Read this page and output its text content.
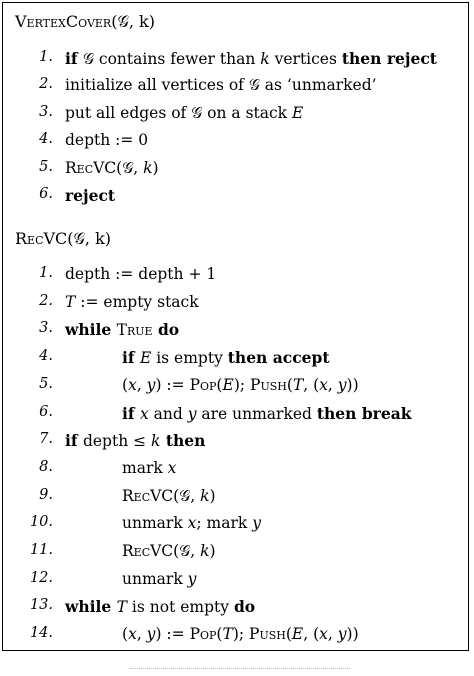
VertexCover(𝒢, k)
1. if 𝒢 contains fewer than k vertices then reject
2. initialize all vertices of 𝒢 as ‘unmarked’
3. put all edges of 𝒢 on a stack E
4. depth := 0
5. RecVC(𝒢, k)
6. reject
RecVC(𝒢, k)
1. depth := depth + 1
2. T := empty stack
3. while True do
4.	if E is empty then accept
5.	(x, y) := Pop(E); Push(T, (x, y))
6.	if x and y are unmarked then break
7. if depth ≤ k then
8.	mark x
9.	RecVC(𝒢, k)
10.	unmark x; mark y
11.	RecVC(𝒢, k)
12.	unmark y
13. while T is not empty do
14.	(x, y) := Pop(T); Push(E, (x, y))
